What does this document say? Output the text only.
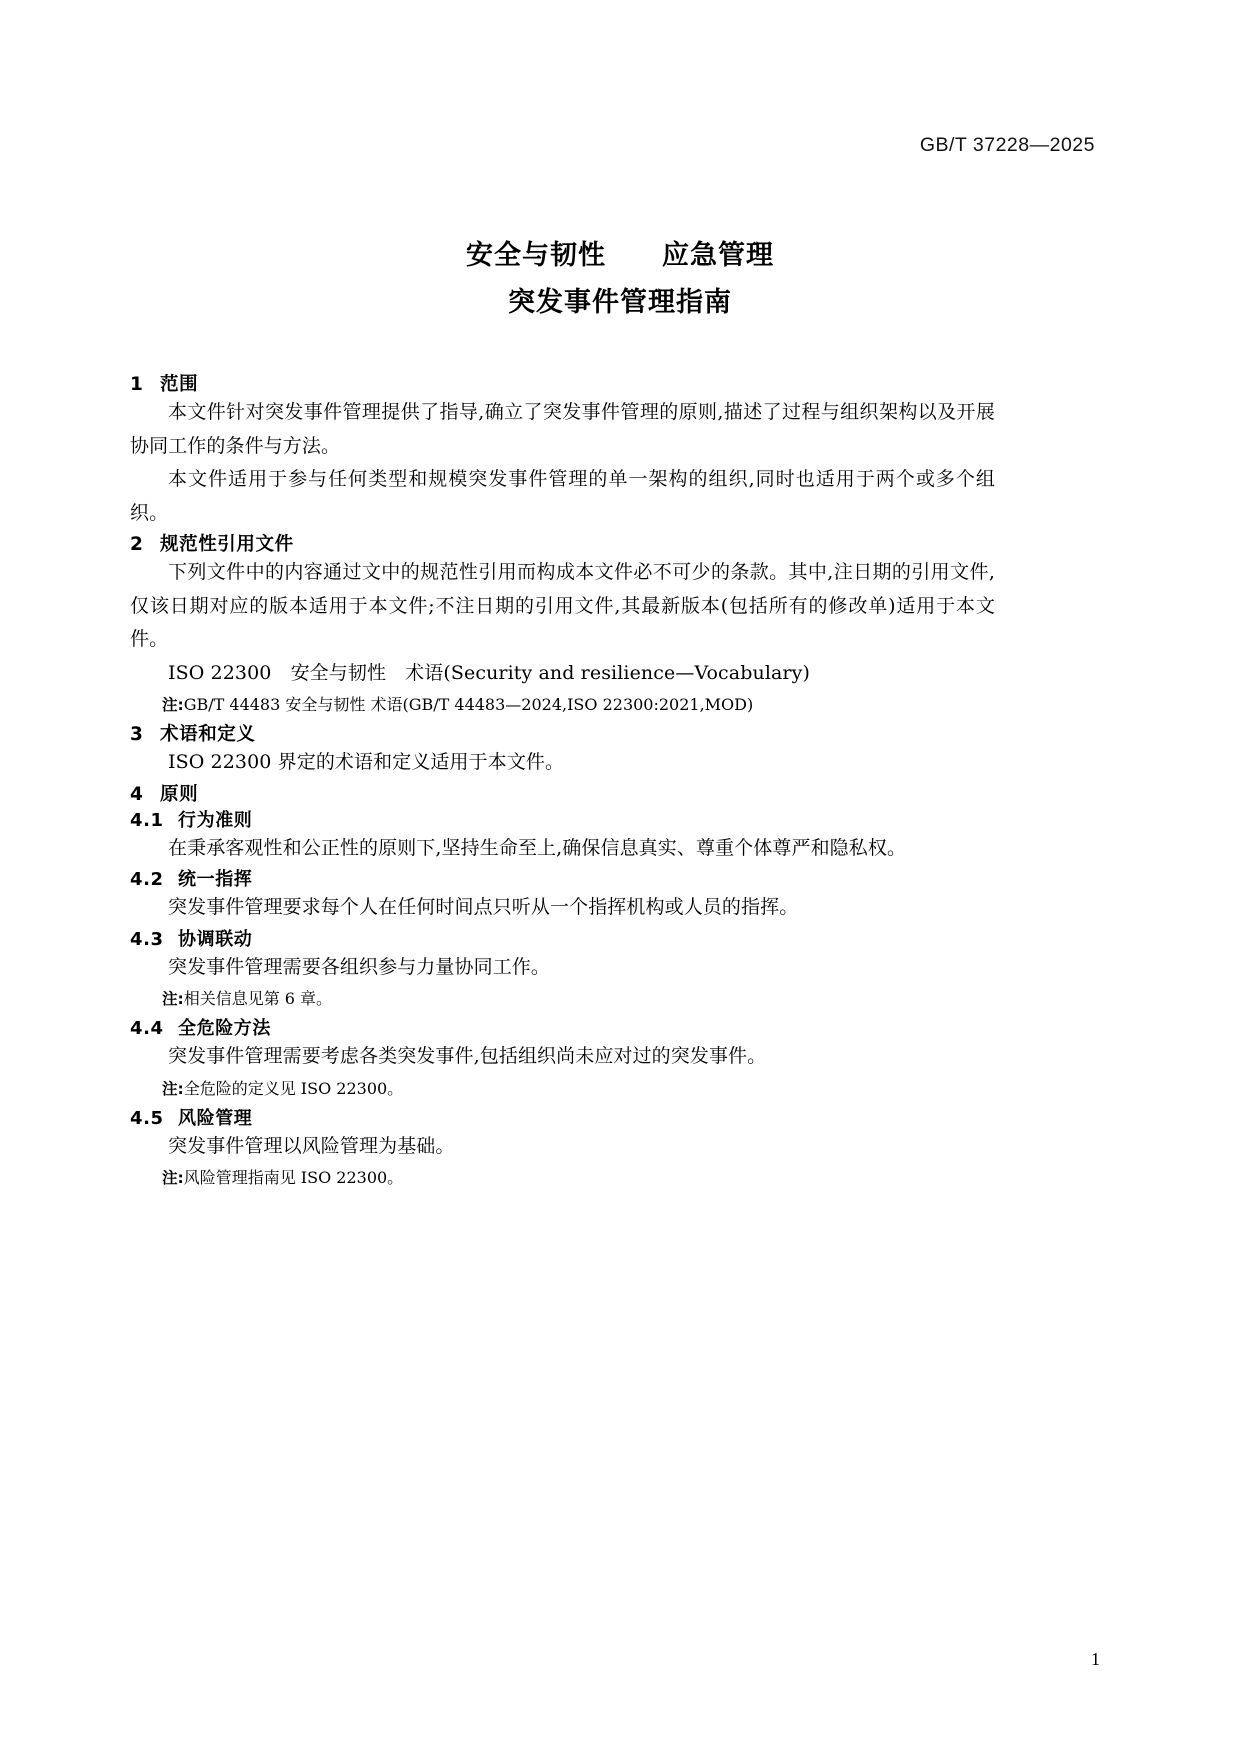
GB/T 37228—2025
安全与韧性　　应急管理
突发事件管理指南
1 范围

本文件针对突发事件管理提供了指导,确立了突发事件管理的原则,描述了过程与组织架构以及开展协同工作的条件与方法。

本文件适用于参与任何类型和规模突发事件管理的单一架构的组织,同时也适用于两个或多个组织。

2 规范性引用文件

下列文件中的内容通过文中的规范性引用而构成本文件必不可少的条款。其中,注日期的引用文件,仅该日期对应的版本适用于本文件;不注日期的引用文件,其最新版本(包括所有的修改单)适用于本文件。

ISO 22300　安全与韧性　术语(Security and resilience—Vocabulary)

注:GB/T 44483 安全与韧性 术语(GB/T 44483—2024,ISO 22300:2021,MOD)

3 术语和定义

ISO 22300 界定的术语和定义适用于本文件。

4 原则
4.1 行为准则

在秉承客观性和公正性的原则下,坚持生命至上,确保信息真实、尊重个体尊严和隐私权。

4.2 统一指挥

突发事件管理要求每个人在任何时间点只听从一个指挥机构或人员的指挥。

4.3 协调联动

突发事件管理需要各组织参与力量协同工作。

注:相关信息见第 6 章。

4.4 全危险方法

突发事件管理需要考虑各类突发事件,包括组织尚未应对过的突发事件。

注:全危险的定义见 ISO 22300。

4.5 风险管理

突发事件管理以风险管理为基础。

注:风险管理指南见 ISO 22300。

1
